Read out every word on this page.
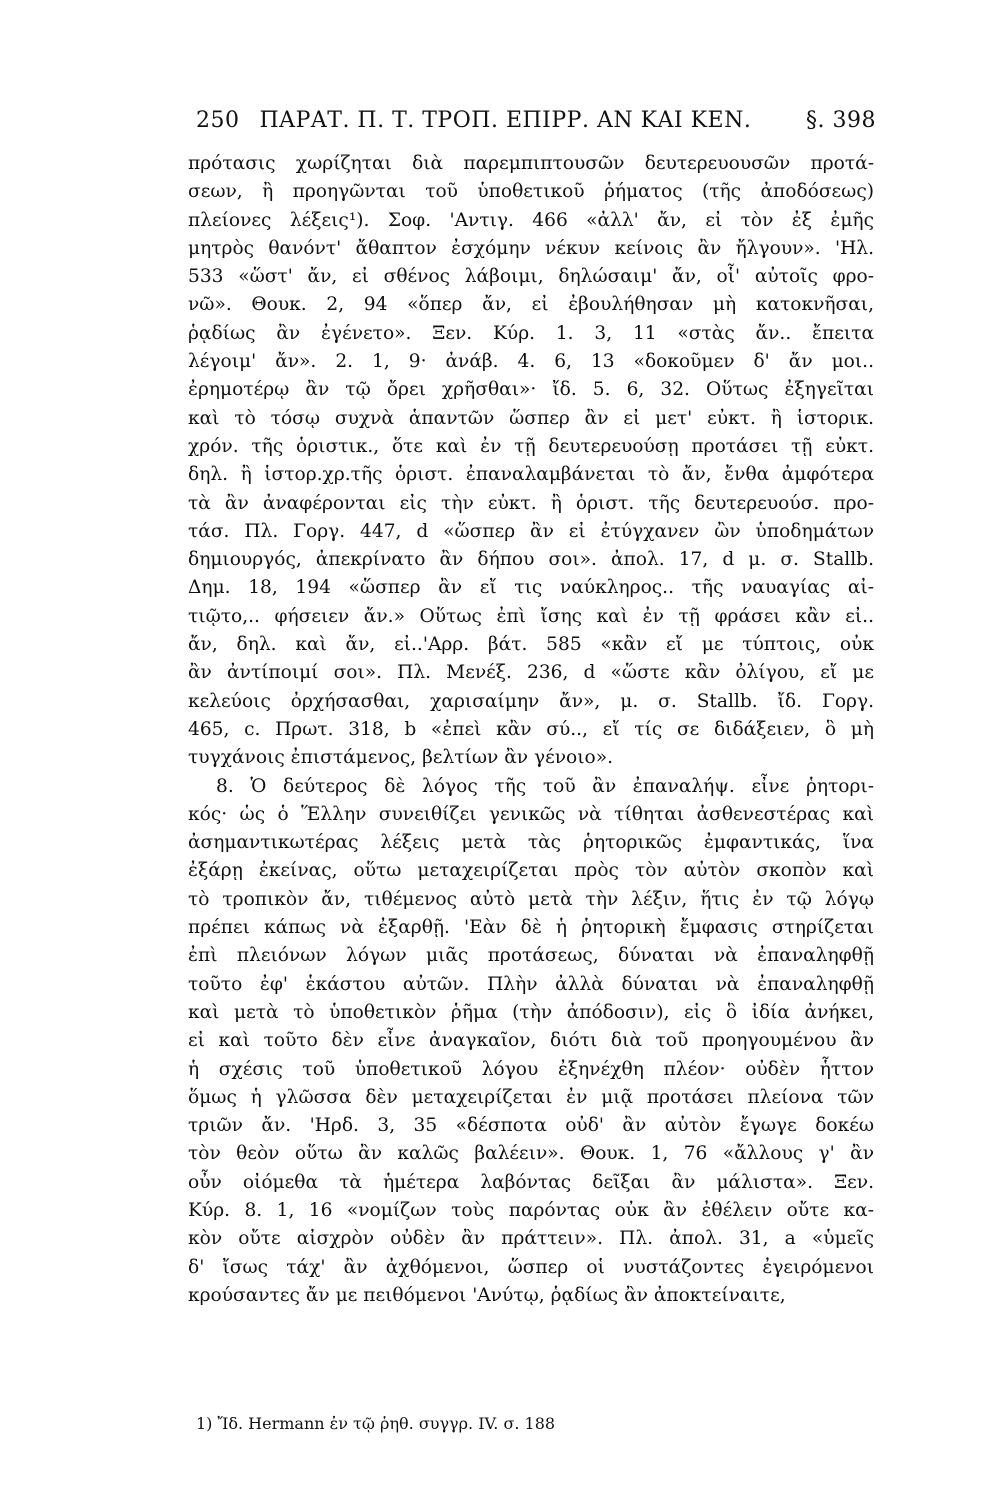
250 ΠΑΡΑΤ. Π. Τ. ΤΡΟΠ. ΕΠΙΡΡ. ΑΝ ΚΑΙ ΚΕΝ.	§. 398
πρότασις χωρίζηται διὰ παρεμπιπτουσῶν δευτερευουσῶν προτά-
σεων, ἢ προηγῶνται τοῦ ὑποθετικοῦ ῥήματος (τῆς ἀποδόσεως)
πλείονες λέξεις¹). Σοφ. 'Αντιγ. 466 «ἀλλ' ἄν, εἰ τὸν ἐξ ἐμῆς
μητρὸς θανόντ' ἄθαπτον ἐσχόμην νέκυν κείνοις ἂν ἤλγουν». 'Ηλ.
533 «ὥστ' ἄν, εἰ σθένος λάβοιμι, δηλώσαιμ' ἄν, οἷ' αὐτοῖς φρο-
νῶ». Θουκ. 2, 94 «ὅπερ ἄν, εἰ ἐβουλήθησαν μὴ κατοκνῆσαι,
ῥᾳδίως ἂν ἐγένετο». Ξεν. Κύρ. 1. 3, 11 «στὰς ἄν.. ἔπειτα
λέγοιμ' ἄν». 2. 1, 9· ἀνάβ. 4. 6, 13 «δοκοῦμεν δ' ἄν μοι..
ἐρημοτέρῳ ἂν τῷ ὄρει χρῆσθαι»· ἴδ. 5. 6, 32. Οὕτως ἐξηγεῖται
καὶ τὸ τόσῳ συχνὰ ἁπαντῶν ὥσπερ ἂν εἰ μετ' εὐκτ. ἢ ἱστορικ.
χρόν. τῆς ὁριστικ., ὅτε καὶ ἐν τῇ δευτερευούσῃ προτάσει τῇ εὐκτ.
δηλ. ἢ ἱστορ.χρ.τῆς ὁριστ. ἐπαναλαμβάνεται τὸ ἄν, ἔνθα ἀμφότερα
τὰ ἂν ἀναφέρονται εἰς τὴν εὐκτ. ἢ ὁριστ. τῆς δευτερευούσ. προ-
τάσ. Πλ. Γοργ. 447, d «ὥσπερ ἂν εἰ ἐτύγχανεν ὢν ὑποδημάτων
δημιουργός, ἀπεκρίνατο ἂν δήπου σοι». ἀπολ. 17, d μ. σ. Stallb.
Δημ. 18, 194 «ὥσπερ ἂν εἴ τις ναύκληρος.. τῆς ναυαγίας αἰ-
τιῷτο,.. φήσειεν ἄν.» Οὕτως ἐπὶ ἴσης καὶ ἐν τῇ φράσει κἂν εἰ..
ἄν, δηλ. καὶ ἄν, εἰ..'Αρρ. βάτ. 585 «κἂν εἴ με τύπτοις, οὐκ
ἂν ἀντίποιμί σοι». Πλ. Μενέξ. 236, d «ὥστε κἂν ὀλίγου, εἴ με
κελεύοις ὀρχήσασθαι, χαρισαίμην ἄν», μ. σ. Stallb. ἴδ. Γοργ.
465, c. Πρωτ. 318, b «ἐπεὶ κἂν σύ.., εἴ τίς σε διδάξειεν, ὃ μὴ
τυγχάνοις ἐπιστάμενος, βελτίων ἂν γένοιο».
8. Ὁ δεύτερος δὲ λόγος τῆς τοῦ ἂν ἐπαναλήψ. εἶνε ῥητορι-
κός· ὡς ὁ Ἕλλην συνειθίζει γενικῶς νὰ τίθηται ἀσθενεστέρας καὶ
ἀσημαντικωτέρας λέξεις μετὰ τὰς ῥητορικῶς ἐμφαντικάς, ἵνα
ἐξάρῃ ἐκείνας, οὕτω μεταχειρίζεται πρὸς τὸν αὐτὸν σκοπὸν καὶ
τὸ τροπικὸν ἄν, τιθέμενος αὐτὸ μετὰ τὴν λέξιν, ἥτις ἐν τῷ λόγῳ
πρέπει κάπως νὰ ἐξαρθῇ. 'Εὰν δὲ ἡ ῥητορικὴ ἔμφασις στηρίζεται
ἐπὶ πλειόνων λόγων μιᾶς προτάσεως, δύναται νὰ ἐπαναληφθῇ
τοῦτο ἐφ' ἑκάστου αὐτῶν. Πλὴν ἀλλὰ δύναται νὰ ἐπαναληφθῇ
καὶ μετὰ τὸ ὑποθετικὸν ῥῆμα (τὴν ἀπόδοσιν), εἰς ὃ ἰδία ἀνήκει,
εἰ καὶ τοῦτο δὲν εἶνε ἀναγκαῖον, διότι διὰ τοῦ προηγουμένου ἂν
ἡ σχέσις τοῦ ὑποθετικοῦ λόγου ἐξηνέχθη πλέον· οὐδὲν ἧττον
ὅμως ἡ γλῶσσα δὲν μεταχειρίζεται ἐν μιᾷ προτάσει πλείονα τῶν
τριῶν ἄν. 'Ηρδ. 3, 35 «δέσποτα οὐδ' ἂν αὐτὸν ἔγωγε δοκέω
τὸν θεὸν οὕτω ἂν καλῶς βαλέειν». Θουκ. 1, 76 «ἄλλους γ' ἂν
οὖν οἰόμεθα τὰ ἡμέτερα λαβόντας δεῖξαι ἂν μάλιστα». Ξεν.
Κύρ. 8. 1, 16 «νομίζων τοὺς παρόντας οὐκ ἂν ἐθέλειν οὔτε κα-
κὸν οὔτε αἰσχρὸν οὐδὲν ἂν πράττειν». Πλ. ἀπολ. 31, a «ὑμεῖς
δ' ἴσως τάχ' ἂν ἀχθόμενοι, ὥσπερ οἱ νυστάζοντες ἐγειρόμενοι
κρούσαντες ἄν με πειθόμενοι 'Ανύτῳ, ῥᾳδίως ἂν ἀποκτείναιτε,
1) Ἴδ. Hermann ἐν τῷ ῥηθ. συγγρ. IV. σ. 188
